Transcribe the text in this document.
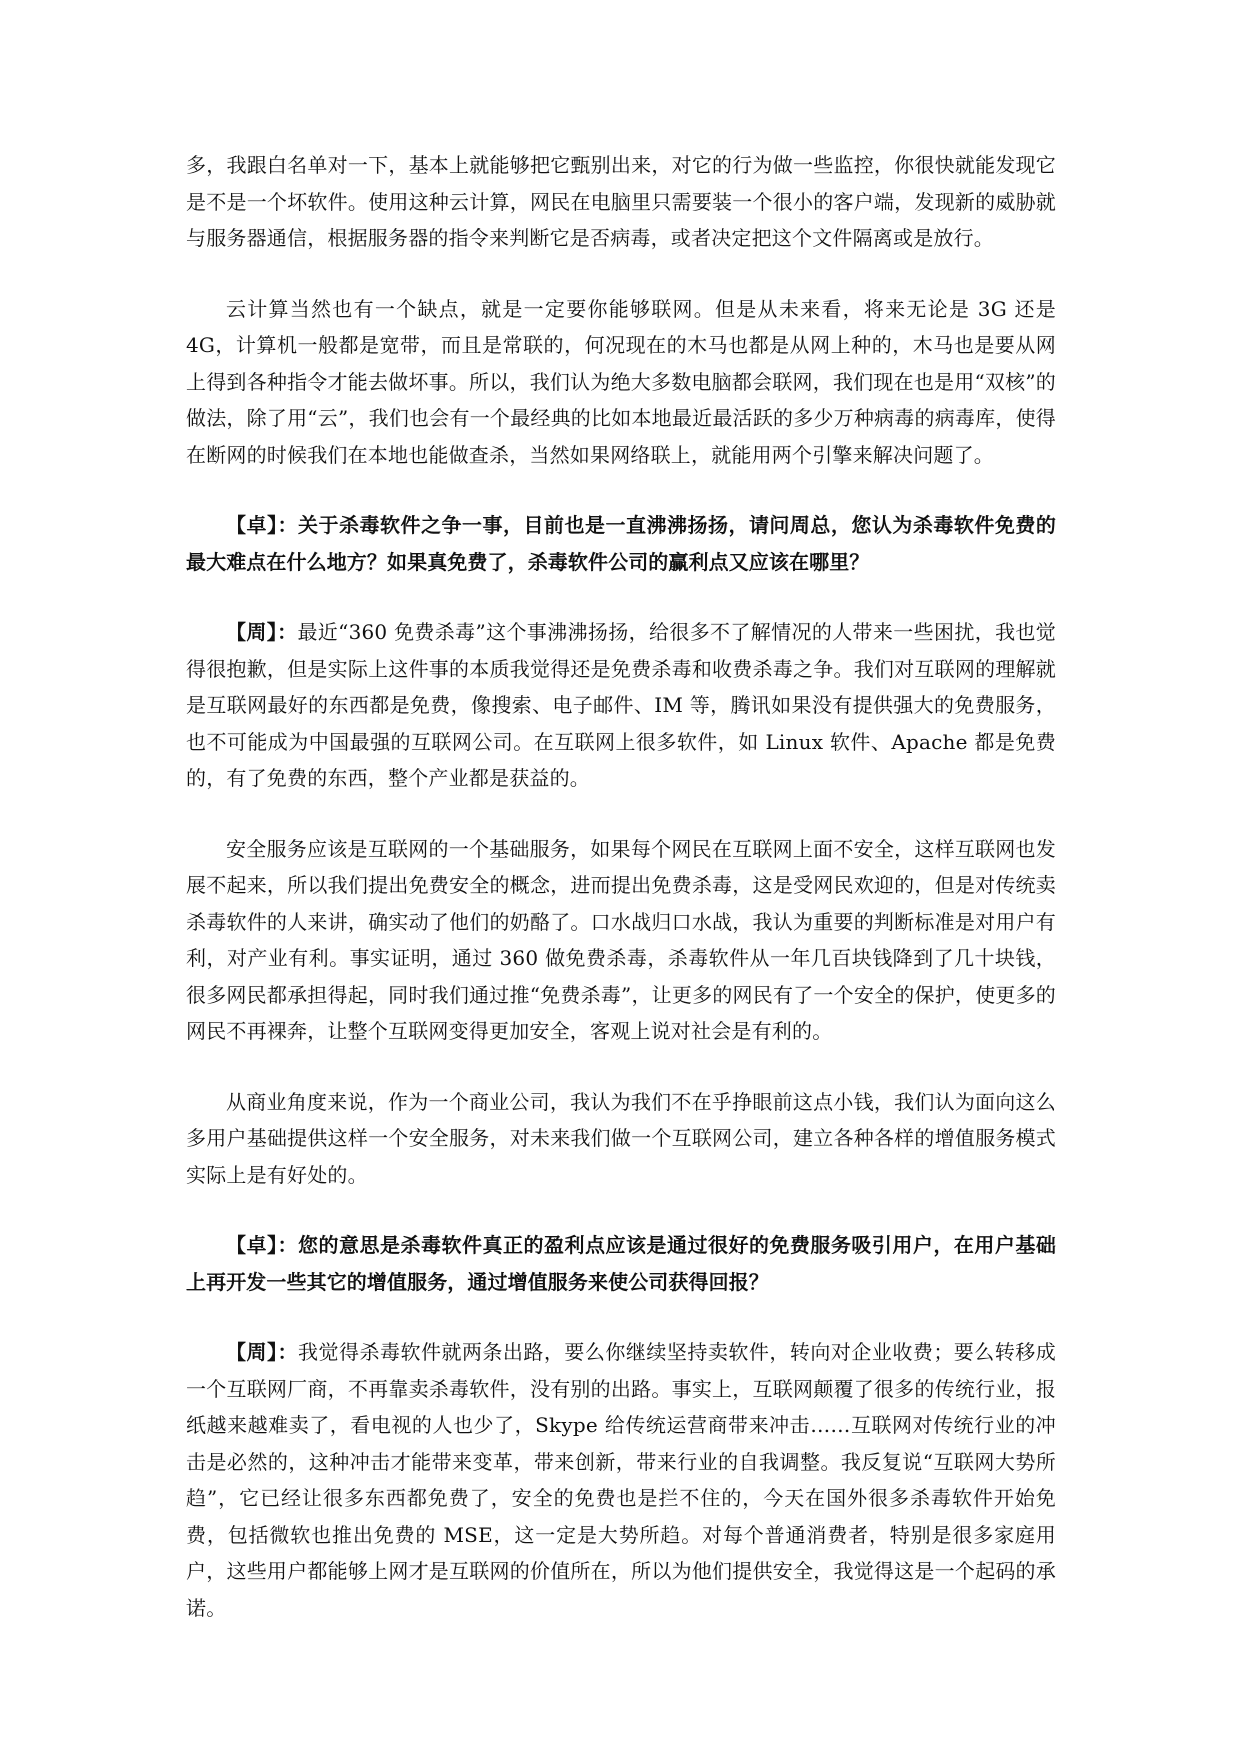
多，我跟白名单对一下，基本上就能够把它甄别出来，对它的行为做一些监控，你很快就能发现它是不是一个坏软件。使用这种云计算，网民在电脑里只需要装一个很小的客户端，发现新的威胁就与服务器通信，根据服务器的指令来判断它是否病毒，或者决定把这个文件隔离或是放行。

云计算当然也有一个缺点，就是一定要你能够联网。但是从未来看，将来无论是 3G 还是 4G，计算机一般都是宽带，而且是常联的，何况现在的木马也都是从网上种的，木马也是要从网上得到各种指令才能去做坏事。所以，我们认为绝大多数电脑都会联网，我们现在也是用“双核”的做法，除了用“云”，我们也会有一个最经典的比如本地最近最活跃的多少万种病毒的病毒库，使得在断网的时候我们在本地也能做查杀，当然如果网络联上，就能用两个引擎来解决问题了。

【卓】：关于杀毒软件之争一事，目前也是一直沸沸扬扬，请问周总，您认为杀毒软件免费的最大难点在什么地方？如果真免费了，杀毒软件公司的赢利点又应该在哪里？

【周】：最近“360 免费杀毒”这个事沸沸扬扬，给很多不了解情况的人带来一些困扰，我也觉得很抱歉，但是实际上这件事的本质我觉得还是免费杀毒和收费杀毒之争。我们对互联网的理解就是互联网最好的东西都是免费，像搜索、电子邮件、IM 等，腾讯如果没有提供强大的免费服务，也不可能成为中国最强的互联网公司。在互联网上很多软件，如 Linux 软件、Apache 都是免费的，有了免费的东西，整个产业都是获益的。

安全服务应该是互联网的一个基础服务，如果每个网民在互联网上面不安全，这样互联网也发展不起来，所以我们提出免费安全的概念，进而提出免费杀毒，这是受网民欢迎的，但是对传统卖杀毒软件的人来讲，确实动了他们的奶酪了。口水战归口水战，我认为重要的判断标准是对用户有利，对产业有利。事实证明，通过 360 做免费杀毒，杀毒软件从一年几百块钱降到了几十块钱，很多网民都承担得起，同时我们通过推“免费杀毒”，让更多的网民有了一个安全的保护，使更多的网民不再裸奔，让整个互联网变得更加安全，客观上说对社会是有利的。

从商业角度来说，作为一个商业公司，我认为我们不在乎挣眼前这点小钱，我们认为面向这么多用户基础提供这样一个安全服务，对未来我们做一个互联网公司，建立各种各样的增值服务模式实际上是有好处的。

【卓】：您的意思是杀毒软件真正的盈利点应该是通过很好的免费服务吸引用户，在用户基础上再开发一些其它的增值服务，通过增值服务来使公司获得回报？

【周】：我觉得杀毒软件就两条出路，要么你继续坚持卖软件，转向对企业收费；要么转移成一个互联网厂商，不再靠卖杀毒软件，没有别的出路。事实上，互联网颠覆了很多的传统行业，报纸越来越难卖了，看电视的人也少了，Skype 给传统运营商带来冲击……互联网对传统行业的冲击是必然的，这种冲击才能带来变革，带来创新，带来行业的自我调整。我反复说“互联网大势所趋”，它已经让很多东西都免费了，安全的免费也是拦不住的，今天在国外很多杀毒软件开始免费，包括微软也推出免费的 MSE，这一定是大势所趋。对每个普通消费者，特别是很多家庭用户，这些用户都能够上网才是互联网的价值所在，所以为他们提供安全，我觉得这是一个起码的承诺。
